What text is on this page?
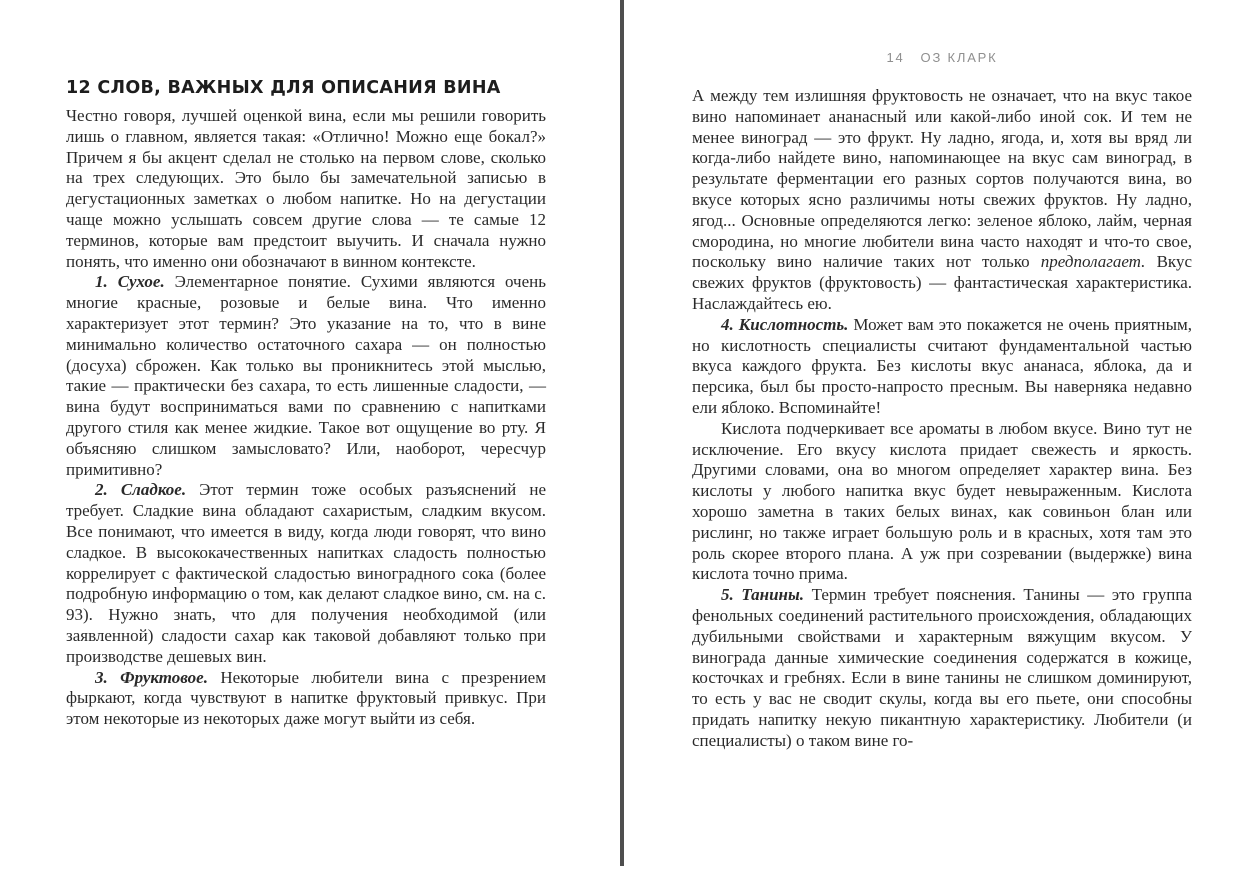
12 СЛОВ, ВАЖНЫХ ДЛЯ ОПИСАНИЯ ВИНА

Честно говоря, лучшей оценкой вина, если мы решили говорить лишь о главном, является такая: «Отлично! Можно еще бокал?» Причем я бы акцент сделал не столько на первом слове, сколько на трех следующих. Это было бы замечательной записью в дегустационных заметках о любом напитке. Но на дегустации чаще можно услышать совсем другие слова — те самые 12 терминов, которые вам предстоит выучить. И сначала нужно понять, что именно они обозначают в винном контексте.

1. Сухое. Элементарное понятие. Сухими являются очень многие красные, розовые и белые вина. Что именно характеризует этот термин? Это указание на то, что в вине минимально количество остаточного сахара — он полностью (досуха) сброжен. Как только вы проникнитесь этой мыслью, такие — практически без сахара, то есть лишенные сладости, — вина будут восприниматься вами по сравнению с напитками другого стиля как менее жидкие. Такое вот ощущение во рту. Я объясняю слишком замысловато? Или, наоборот, чересчур примитивно?

2. Сладкое. Этот термин тоже особых разъяснений не требует. Сладкие вина обладают сахаристым, сладким вкусом. Все понимают, что имеется в виду, когда люди говорят, что вино сладкое. В высококачественных напитках сладость полностью коррелирует с фактической сладостью виноградного сока (более подробную информацию о том, как делают сладкое вино, см. на с. 93). Нужно знать, что для получения необходимой (или заявленной) сладости сахар как таковой добавляют только при производстве дешевых вин.

3. Фруктовое. Некоторые любители вина с презрением фыркают, когда чувствуют в напитке фруктовый привкус. При этом некоторые из некоторых даже могут выйти из себя.

14 ОЗ КЛАРК

А между тем излишняя фруктовость не означает, что на вкус такое вино напоминает ананасный или какой-либо иной сок. И тем не менее виноград — это фрукт. Ну ладно, ягода, и, хотя вы вряд ли когда-либо найдете вино, напоминающее на вкус сам виноград, в результате ферментации его разных сортов получаются вина, во вкусе которых ясно различимы ноты свежих фруктов. Ну ладно, ягод... Основные определяются легко: зеленое яблоко, лайм, черная смородина, но многие любители вина часто находят и что-то свое, поскольку вино наличие таких нот только предполагает. Вкус свежих фруктов (фруктовость) — фантастическая характеристика. Наслаждайтесь ею.

4. Кислотность. Может вам это покажется не очень приятным, но кислотность специалисты считают фундаментальной частью вкуса каждого фрукта. Без кислоты вкус ананаса, яблока, да и персика, был бы просто-напросто пресным. Вы наверняка недавно ели яблоко. Вспоминайте!

Кислота подчеркивает все ароматы в любом вкусе. Вино тут не исключение. Его вкусу кислота придает свежесть и яркость. Другими словами, она во многом определяет характер вина. Без кислоты у любого напитка вкус будет невыраженным. Кислота хорошо заметна в таких белых винах, как совиньон блан или рислинг, но также играет большую роль и в красных, хотя там это роль скорее второго плана. А уж при созревании (выдержке) вина кислота точно прима.

5. Танины. Термин требует пояснения. Танины — это группа фенольных соединений растительного происхождения, обладающих дубильными свойствами и характерным вяжущим вкусом. У винограда данные химические соединения содержатся в кожице, косточках и гребнях. Если в вине танины не слишком доминируют, то есть у вас не сводит скулы, когда вы его пьете, они способны придать напитку некую пикантную характеристику. Любители (и специалисты) о таком вине го-
